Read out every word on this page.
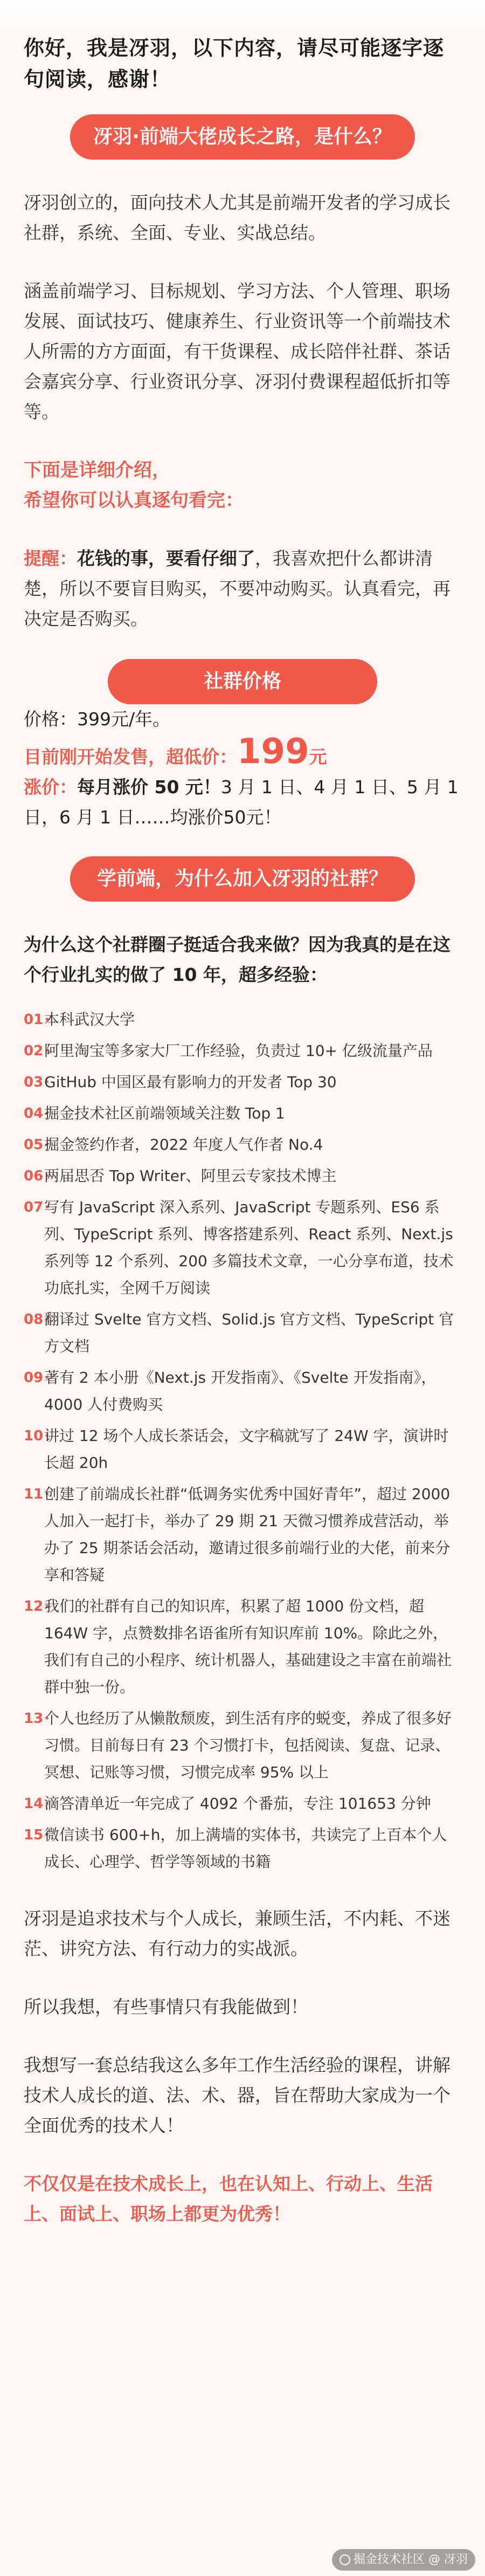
你好，我是冴羽，以下内容，请尽可能逐字逐句阅读，感谢！
冴羽·前端大佬成长之路，是什么？

冴羽创立的，面向技术人尤其是前端开发者的学习成长社群，系统、全面、专业、实战总结。

涵盖前端学习、目标规划、学习方法、个人管理、职场发展、面试技巧、健康养生、行业资讯等一个前端技术人所需的方方面面，有干货课程、成长陪伴社群、茶话会嘉宾分享、行业资讯分享、冴羽付费课程超低折扣等等。

下面是详细介绍，

希望你可以认真逐句看完：

提醒：花钱的事，要看仔细了，我喜欢把什么都讲清楚，所以不要盲目购买，不要冲动购买。认真看完，再决定是否购买。

社群价格

价格：399元/年。

目前刚开始发售，超低价：199元

涨价：每月涨价 50 元！3 月 1 日、4 月 1 日、5 月 1 日，6 月 1 日……均涨价50元！

学前端，为什么加入冴羽的社群？

为什么这个社群圈子挺适合我来做？因为我真的是在这个行业扎实的做了 10 年，超多经验：

01 · 本科武汉大学
02 · 阿里淘宝等多家大厂工作经验，负责过 10+ 亿级流量产品
03 · GitHub 中国区最有影响力的开发者 Top 30
04 · 掘金技术社区前端领域关注数 Top 1
05 · 掘金签约作者，2022 年度人气作者 No.4
06 · 两届思否 Top Writer、阿里云专家技术博主
07 · 写有 JavaScript 深入系列、JavaScript 专题系列、ES6 系列、TypeScript 系列、博客搭建系列、React 系列、Next.js 系列等 12 个系列、200 多篇技术文章，一心分享布道，技术功底扎实，全网千万阅读
08 · 翻译过 Svelte 官方文档、Solid.js 官方文档、TypeScript 官方文档
09 · 著有 2 本小册《Next.js 开发指南》、《Svelte 开发指南》，4000 人付费购买
10 · 讲过 12 场个人成长茶话会，文字稿就写了 24W 字，演讲时长超 20h
11 · 创建了前端成长社群“低调务实优秀中国好青年”，超过 2000 人加入一起打卡，举办了 29 期 21 天微习惯养成营活动，举办了 25 期茶话会活动，邀请过很多前端行业的大佬，前来分享和答疑
12 · 我们的社群有自己的知识库，积累了超 1000 份文档，超 164W 字，点赞数排名语雀所有知识库前 10%。除此之外，我们有自己的小程序、统计机器人，基础建设之丰富在前端社群中独一份。
13 · 个人也经历了从懒散颓废，到生活有序的蜕变，养成了很多好习惯。目前每日有 23 个习惯打卡，包括阅读、复盘、记录、冥想、记账等习惯，习惯完成率 95% 以上
14 · 滴答清单近一年完成了 4092 个番茄，专注 101653 分钟
15 · 微信读书 600+h，加上满墙的实体书，共读完了上百本个人成长、心理学、哲学等领域的书籍

冴羽是追求技术与个人成长，兼顾生活，不内耗、不迷茫、讲究方法、有行动力的实战派。

所以我想，有些事情只有我能做到！

我想写一套总结我这么多年工作生活经验的课程，讲解技术人成长的道、法、术、器，旨在帮助大家成为一个全面优秀的技术人！

不仅仅是在技术成长上，也在认知上、行动上、生活上、面试上、职场上都更为优秀！

掘金技术社区 @ 冴羽
